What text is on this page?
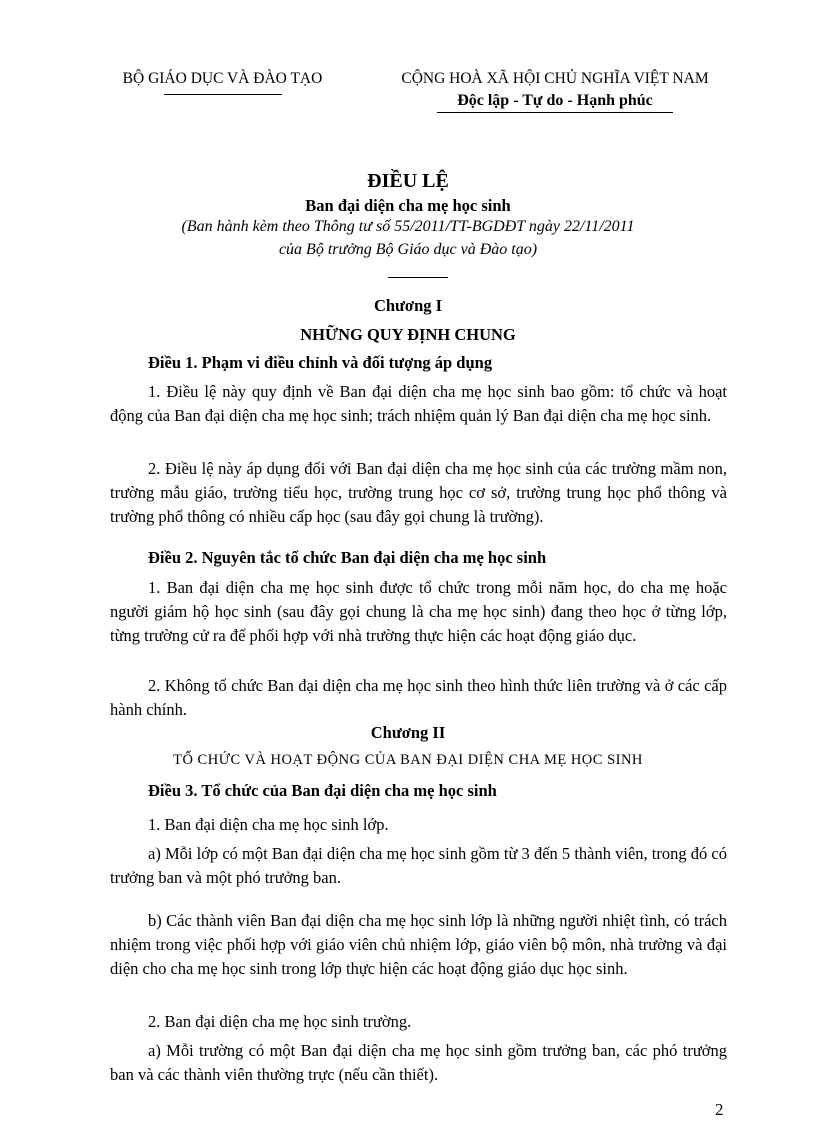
BỘ GIÁO DỤC VÀ ĐÀO TẠO	CỘNG HOÀ XÃ HỘI CHỦ NGHĨA VIỆT NAM
Độc lập - Tự do - Hạnh phúc
ĐIỀU LỆ
Ban đại diện cha mẹ học sinh
(Ban hành kèm theo Thông tư số 55/2011/TT-BGDĐT ngày 22/11/2011
của Bộ trưởng Bộ Giáo dục và Đào tạo)
Chương I
NHỮNG QUY ĐỊNH CHUNG
Điều 1. Phạm vi điều chỉnh và đối tượng áp dụng
1. Điều lệ này quy định về Ban đại diện cha mẹ học sinh bao gồm: tổ chức và hoạt động của Ban đại diện cha mẹ học sinh; trách nhiệm quản lý Ban đại diện cha mẹ học sinh.
2. Điều lệ này áp dụng đối với Ban đại diện cha mẹ học sinh của các trường mầm non, trường mẫu giáo, trường tiểu học, trường trung học cơ sở, trường trung học phổ thông và trường phổ thông có nhiều cấp học (sau đây gọi chung là trường).
Điều 2. Nguyên tắc tổ chức Ban đại diện cha mẹ học sinh
1. Ban đại diện cha mẹ học sinh được tổ chức trong mỗi năm học, do cha mẹ hoặc người giám hộ học sinh (sau đây gọi chung là cha mẹ học sinh) đang theo học ở từng lớp, từng trường cử ra để phối hợp với nhà trường thực hiện các hoạt động giáo dục.
2. Không tổ chức Ban đại diện cha mẹ học sinh theo hình thức liên trường và ở các cấp hành chính.
Chương II
TỔ CHỨC VÀ HOẠT ĐỘNG CỦA BAN ĐẠI DIỆN CHA MẸ HỌC SINH
Điều 3. Tổ chức của Ban đại diện cha mẹ học sinh
1. Ban đại diện cha mẹ học sinh lớp.
a) Mỗi lớp có một Ban đại diện cha mẹ học sinh gồm từ 3 đến 5 thành viên, trong đó có trưởng ban và một phó trưởng ban.
b) Các thành viên Ban đại diện cha mẹ học sinh lớp là những người nhiệt tình, có trách nhiệm trong việc phối hợp với giáo viên chủ nhiệm lớp, giáo viên bộ môn, nhà trường và đại diện cho cha mẹ học sinh trong lớp thực hiện các hoạt động giáo dục học sinh.
2. Ban đại diện cha mẹ học sinh trường.
a) Mỗi trường có một Ban đại diện cha mẹ học sinh gồm trưởng ban, các phó trưởng ban và các thành viên thường trực (nếu cần thiết).
2
